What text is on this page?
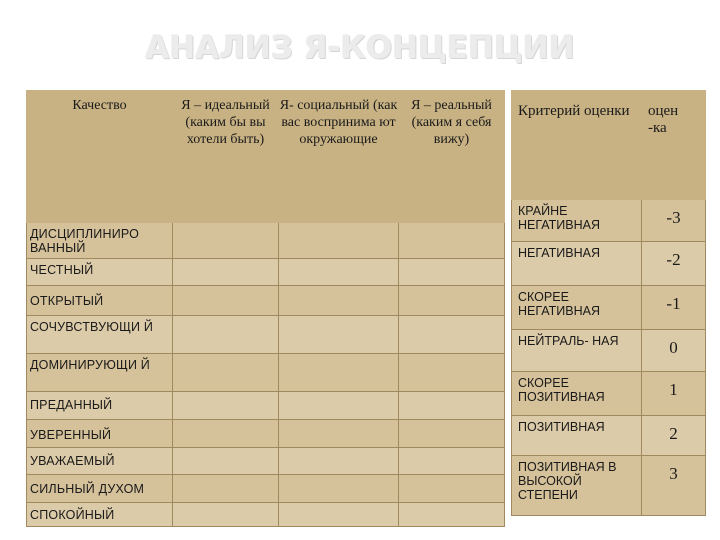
АНАЛИЗ Я-КОНЦЕПЦИИ
Качество	Я – идеальный (каким бы вы хотели быть)	Я- социальный (как вас воспринима ют окружающие	Я – реальный (каким я себя вижу)
ДИСЦИПЛИНИРО ВАННЫЙ			
ЧЕСТНЫЙ			
ОТКРЫТЫЙ			
СОЧУВСТВУЮЩИ Й			
ДОМИНИРУЮЩИ Й			
ПРЕДАННЫЙ			
УВЕРЕННЫЙ			
УВАЖАЕМЫЙ			
СИЛЬНЫЙ ДУХОМ			
СПОКОЙНЫЙ			
Критерий оценки	оцен -ка
КРАЙНЕ НЕГАТИВНАЯ	-3
НЕГАТИВНАЯ	-2
СКОРЕЕ НЕГАТИВНАЯ	-1
НЕЙТРАЛЬ- НАЯ	0
СКОРЕЕ ПОЗИТИВНАЯ	1
ПОЗИТИВНАЯ	2
ПОЗИТИВНАЯ В ВЫСОКОЙ СТЕПЕНИ	3
